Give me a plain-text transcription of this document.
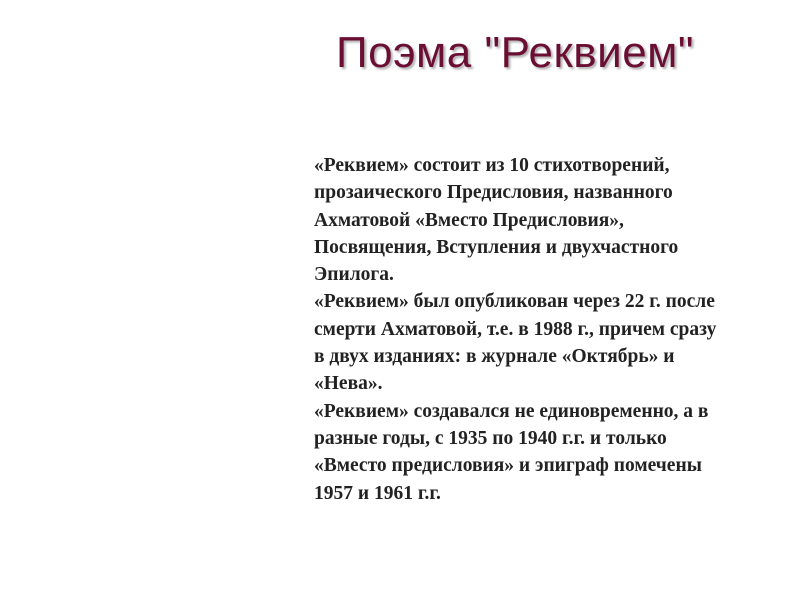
Поэма "Реквием"
«Реквием» состоит из 10 стихотворений,
прозаического Предисловия, названного
Ахматовой «Вместо Предисловия»,
Посвящения, Вступления и двухчастного
Эпилога.
«Реквием» был опубликован через 22 г. после
смерти Ахматовой, т.е. в 1988 г., причем сразу
в двух изданиях: в журнале «Октябрь» и
«Нева».
«Реквием» создавался не единовременно, а в
разные годы, с 1935 по 1940 г.г. и только
«Вместо предисловия» и эпиграф помечены
1957 и 1961 г.г.
